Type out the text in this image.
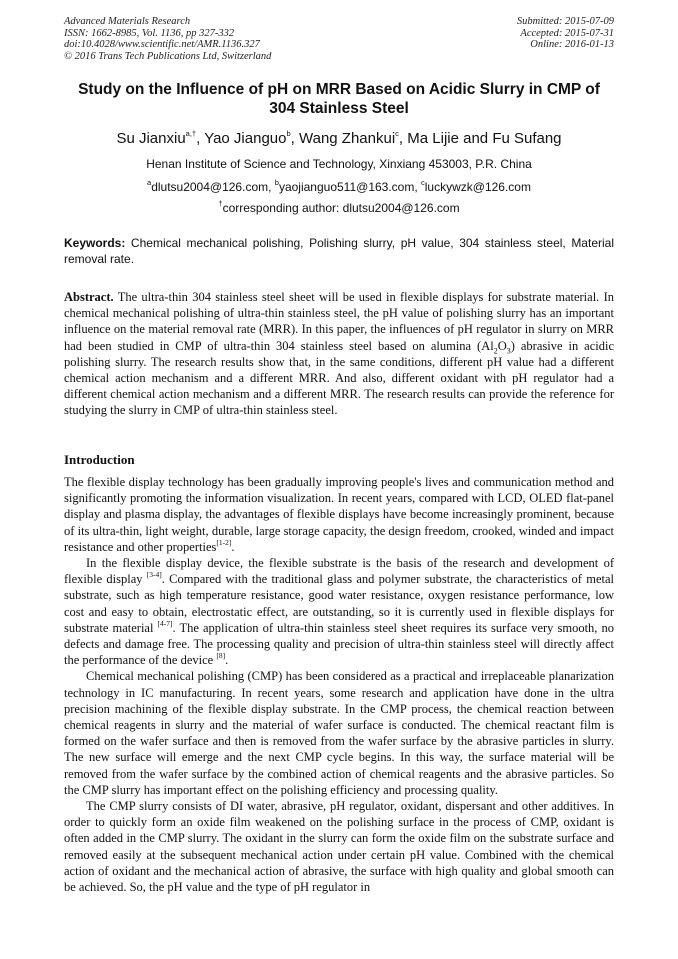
Advanced Materials Research
ISSN: 1662-8985, Vol. 1136, pp 327-332
doi:10.4028/www.scientific.net/AMR.1136.327
© 2016 Trans Tech Publications Ltd, Switzerland
Submitted: 2015-07-09
Accepted: 2015-07-31
Online: 2016-01-13
Study on the Influence of pH on MRR Based on Acidic Slurry in CMP of
304 Stainless Steel
Su Jianxiu$^{a,\dagger}$, Yao Jianguo$^b$, Wang Zhankui$^c$, Ma Lijie and Fu Sufang
Henan Institute of Science and Technology, Xinxiang 453003, P.R. China
$^a$dlutsu2004@126.com, $^b$yaojianguo511@163.com, $^c$luckywzk@126.com
†corresponding author: dlutsu2004@126.com
Keywords: Chemical mechanical polishing, Polishing slurry, pH value, 304 stainless steel, Material removal rate.
Abstract. The ultra-thin 304 stainless steel sheet will be used in flexible displays for substrate material. In chemical mechanical polishing of ultra-thin stainless steel, the pH value of polishing slurry has an important influence on the material removal rate (MRR). In this paper, the influences of pH regulator in slurry on MRR had been studied in CMP of ultra-thin 304 stainless steel based on alumina $(Al_2O_3)$ abrasive in acidic polishing slurry. The research results show that, in the same conditions, different pH value had a different chemical action mechanism and a different MRR. And also, different oxidant with pH regulator had a different chemical action mechanism and a different MRR. The research results can provide the reference for studying the slurry in CMP of ultra-thin stainless steel.
Introduction

The flexible display technology has been gradually improving people's lives and communication method and significantly promoting the information visualization. In recent years, compared with LCD, OLED flat-panel display and plasma display, the advantages of flexible displays have become increasingly prominent, because of its ultra-thin, light weight, durable, large storage capacity, the design freedom, crooked, winded and impact resistance and other properties[1-2].

In the flexible display device, the flexible substrate is the basis of the research and development of flexible display [3-4]. Compared with the traditional glass and polymer substrate, the characteristics of metal substrate, such as high temperature resistance, good water resistance, oxygen resistance performance, low cost and easy to obtain, electrostatic effect, are outstanding, so it is currently used in flexible displays for substrate material [4-7]. The application of ultra-thin stainless steel sheet requires its surface very smooth, no defects and damage free. The processing quality and precision of ultra-thin stainless steel will directly affect the performance of the device [8].

Chemical mechanical polishing (CMP) has been considered as a practical and irreplaceable planarization technology in IC manufacturing. In recent years, some research and application have done in the ultra precision machining of the flexible display substrate. In the CMP process, the chemical reaction between chemical reagents in slurry and the material of wafer surface is conducted. The chemical reactant film is formed on the wafer surface and then is removed from the wafer surface by the abrasive particles in slurry. The new surface will emerge and the next CMP cycle begins. In this way, the surface material will be removed from the wafer surface by the combined action of chemical reagents and the abrasive particles. So the CMP slurry has important effect on the polishing efficiency and processing quality.

The CMP slurry consists of DI water, abrasive, pH regulator, oxidant, dispersant and other additives. In order to quickly form an oxide film weakened on the polishing surface in the process of CMP, oxidant is often added in the CMP slurry. The oxidant in the slurry can form the oxide film on the substrate surface and removed easily at the subsequent mechanical action under certain pH value. Combined with the chemical action of oxidant and the mechanical action of abrasive, the surface with high quality and global smooth can be achieved. So, the pH value and the type of pH regulator in
